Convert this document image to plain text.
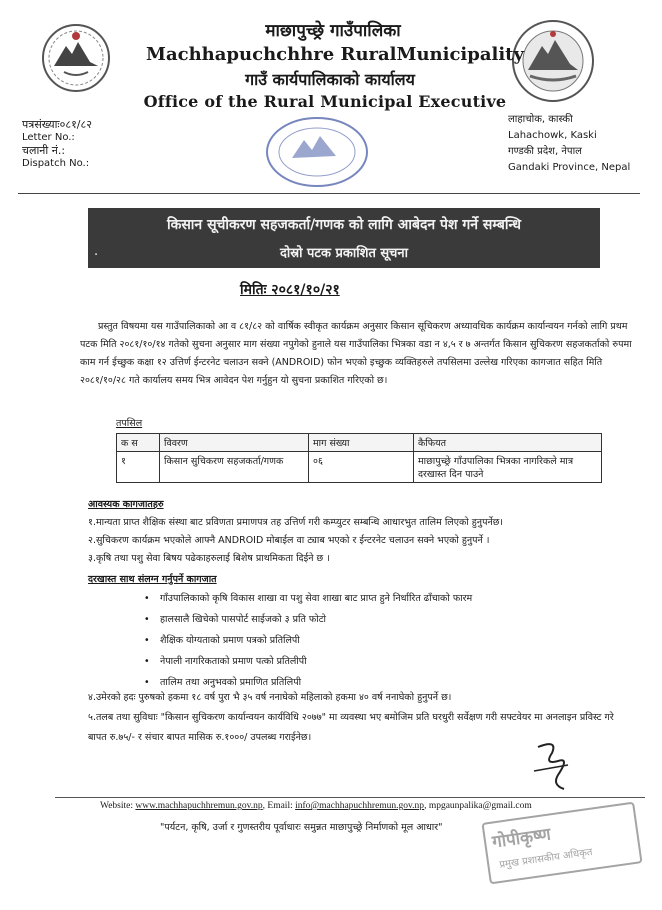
माछापुच्छ्रे गाउँपालिका
Machhapuchchhre RuralMunicipality
गाउँ कार्यपालिकाको कार्यालय
Office of the Rural Municipal Executive
पत्रसंख्याः०८१/८२
Letter No.:
चलानी नं.:
Dispatch No.:
लाहाचोक, कास्की
Lahachowk, Kaski
गण्डकी प्रदेश, नेपाल
Gandaki Province, Nepal
किसान सूचीकरण सहजकर्ता/गणक को लागि आबेदन पेश गर्ने सम्बन्धि
.	दोस्रो पटक प्रकाशित सूचना
मितिः २०८१/१०/२१
प्रस्तुत विषयमा यस गाउँपालिकाको आ व ८१/८२ को वार्षिक स्वीकृत कार्यक्रम अनुसार किसान सूचिकरण अध्यावधिक कार्यक्रम कार्यान्वयन गर्नको लागि प्रथम पटक मिति २०८१/१०/१४ गतेको सुचना अनुसार माग संख्या नपुगेको हुनाले यस गाउँपालिका भित्रका वडा न ४,५ र ७ अन्तर्गत किसान सुचिकरण सहजकर्ताको रुपमा काम गर्न ईच्छुक कक्षा १२ उत्तिर्ण ईन्टरनेट चलाउन सक्ने (ANDROID) फोन भएको इच्छुक व्यक्तिहरुले तपसिलमा उल्लेख गरिएका कागजात सहित मिति २०८१/१०/२८ गते कार्यालय समय भित्र आवेदन पेश गर्नुहुन यो सुचना प्रकाशित गरिएको छ।
तपसिल
क स	विवरण	माग संख्या	कैफियत
१	किसान सुचिकरण सहजकर्ता/गणक	०६	माछापुच्छ्रे गाँउपालिका भित्रका नागरिकले मात्र दरखास्त दिन पाउने
आवस्यक कागजातहरु
१.मान्यता प्राप्त शैक्षिक संस्था बाट प्रविणता प्रमाणपत्र तह उत्तिर्ण गरी कम्प्युटर सम्बन्धि आधारभुत तालिम लिएको हुनुपर्नेछ।
२.सुचिकरण कार्यक्रम भएकोले आफ्नै ANDROID मोबाईल वा ट्याब भएको र ईन्टरनेट चलाउन सक्ने भएको हुनुपर्ने ।
३.कृषि तथा पशु सेवा बिषय पढेकाहरुलाई बिशेष प्राथमिकता दिईने छ ।
दरखास्त साथ संलग्न गर्नुपर्ने कागजात
• गाँउपालिकाको कृषि विकास शाखा वा पशु सेवा शाखा बाट प्राप्त हुने निर्धारित ढाँचाको फारम
• हालसालै खिचेको पासपोर्ट साईजको ३ प्रति फोटो
• शैक्षिक योग्यताको प्रमाण पत्रको प्रतिलिपी
• नेपाली नागरिकताको प्रमाण पत्को प्रतिलीपी
• तालिम तथा अनुभवको प्रमाणित प्रतिलिपी
४.उमेरको हदः पुरुषको हकमा १८ वर्ष पुरा भै ३५ वर्ष ननाघेको महिलाको हकमा ४० वर्ष ननाघेको हुनुपर्ने छ।
५.तलब तथा सुविधाः "किसान सुचिकरण कार्यान्वयन कार्यविधि २०७७" मा व्यवस्था भए बमोजिम प्रति घरधुरी सर्वेक्षण गरी सफ्टवेयर मा अनलाइन प्रविस्ट गरे बापत रु.७५/- र संचार बापत मासिक रु.१०००/ उपलब्ध गराईनेछ।
Website: www.machhapuchhremun.gov.np, Email: info@machhapuchhremun.gov.np, mpgaunpalika@gmail.com
"पर्यटन, कृषि, उर्जा र गुणस्तरीय पूर्वाधारः समुन्नत माछापुच्छ्रे निर्माणको मूल आधार"	गोपीकृष्ण
प्रमुख प्रशासकीय अधिकृत
